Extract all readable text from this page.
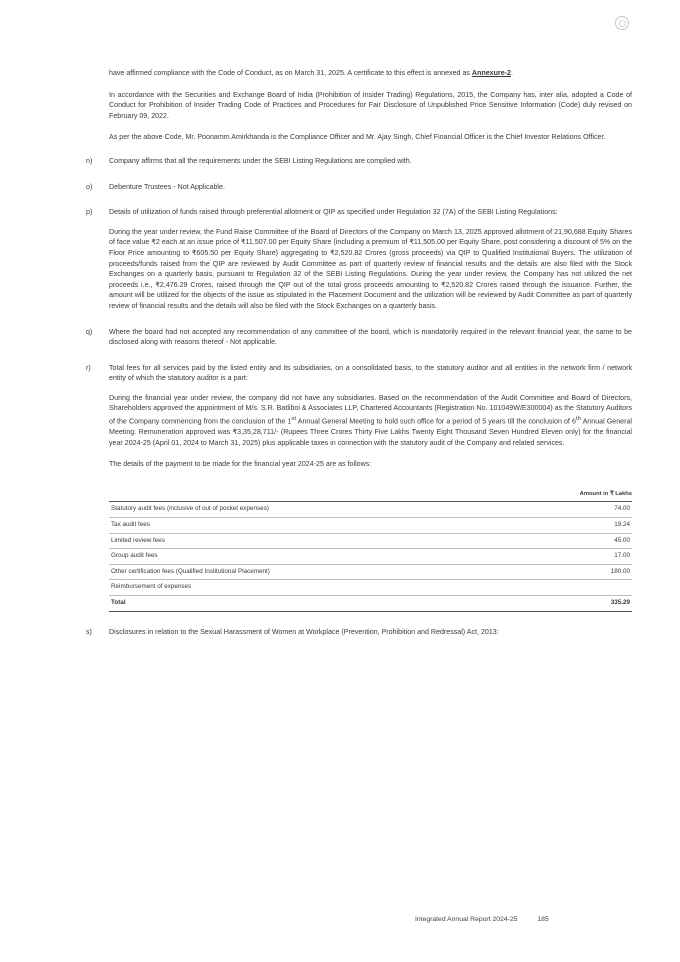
have affirmed compliance with the Code of Conduct, as on March 31, 2025. A certificate to this effect is annexed as Annexure-2.

In accordance with the Securities and Exchange Board of India (Prohibition of Insider Trading) Regulations, 2015, the Company has, inter alia, adopted a Code of Conduct for Prohibition of Insider Trading Code of Practices and Procedures for Fair Disclosure of Unpublished Price Sensitive Information (Code) duly revised on February 09, 2022.

As per the above Code, Mr. Poonamm Amirkhanda is the Compliance Officer and Mr. Ajay Singh, Chief Financial Officer is the Chief Investor Relations Officer.

n) Company affirms that all the requirements under the SEBI Listing Regulations are complied with.

o) Debenture Trustees - Not Applicable.

p) Details of utilization of funds raised through preferential allotment or QIP as specified under Regulation 32 (7A) of the SEBI Listing Regulations:

During the year under review, the Fund Raise Committee of the Board of Directors of the Company on March 13, 2025 approved allotment of 21,90,688 Equity Shares of face value ₹2 each at an issue price of ₹11,507.00 per Equity Share (including a premium of ₹11,505.00 per Equity Share, post considering a discount of 5% on the Floor Price amounting to ₹605.50 per Equity Share) aggregating to ₹2,520.82 Crores (gross proceeds) via QIP to Qualified Institutional Buyers. The utilization of proceeds/funds raised from the QIP are reviewed by Audit Committee as part of quarterly review of financial results and the details are also filed with the Stock Exchanges on a quarterly basis, pursuant to Regulation 32 of the SEBI Listing Regulations. During the year under review, the Company has not utilized the net proceeds i.e., ₹2,476.29 Crores, raised through the QIP out of the total gross proceeds amounting to ₹2,520.82 Crores raised through the issuance. Further, the amount will be utilized for the objects of the issue as stipulated in the Placement Document and the utilization will be reviewed by Audit Committee as part of quarterly review of financial results and the details will also be filed with the Stock Exchanges on a quarterly basis.

q) Where the board had not accepted any recommendation of any committee of the board, which is mandatorily required in the relevant financial year, the same to be disclosed along with reasons thereof - Not applicable.

r)	Total fees for all services paid by the listed entity and its subsidiaries, on a consolidated basis, to the statutory auditor and all entities in the network firm / network entity of which the statutory auditor is a part:

During the financial year under review, the company did not have any subsidiaries. Based on the recommendation of the Audit Committee and Board of Directors, Shareholders approved the appointment of M/s. S.R. Batliboi & Associates LLP, Chartered Accountants (Registration No. 101049W/E300004) as the Statutory Auditors of the Company commencing from the conclusion of the 1st Annual General Meeting to hold such office for a period of 5 years till the conclusion of 6th Annual General Meeting. Remuneration approved was ₹3,35,28,711/- (Rupees Three Crores Thirty Five Lakhs Twenty Eight Thousand Seven Hundred Eleven only) for the financial year 2024-25 (April 01, 2024 to March 31, 2025) plus applicable taxes in connection with the statutory audit of the Company and related services.

The details of the payment to be made for the financial year 2024-25 are as follows:

	Amount in ₹ Lakhs
Statutory audit fees (inclusive of out of pocket expenses)	74.00
Tax audit fees	19.24
Limited review fees	45.00
Group audit fees	17.00
Other certification fees (Qualified Institutional Placement)	180.00
Reimbursement of expenses	
Total	335.29
s) Disclosures in relation to the Sexual Harassment of Women at Workplace (Prevention, Prohibition and Redressal) Act, 2013:

Integrated Annual Report 2024-25	185
